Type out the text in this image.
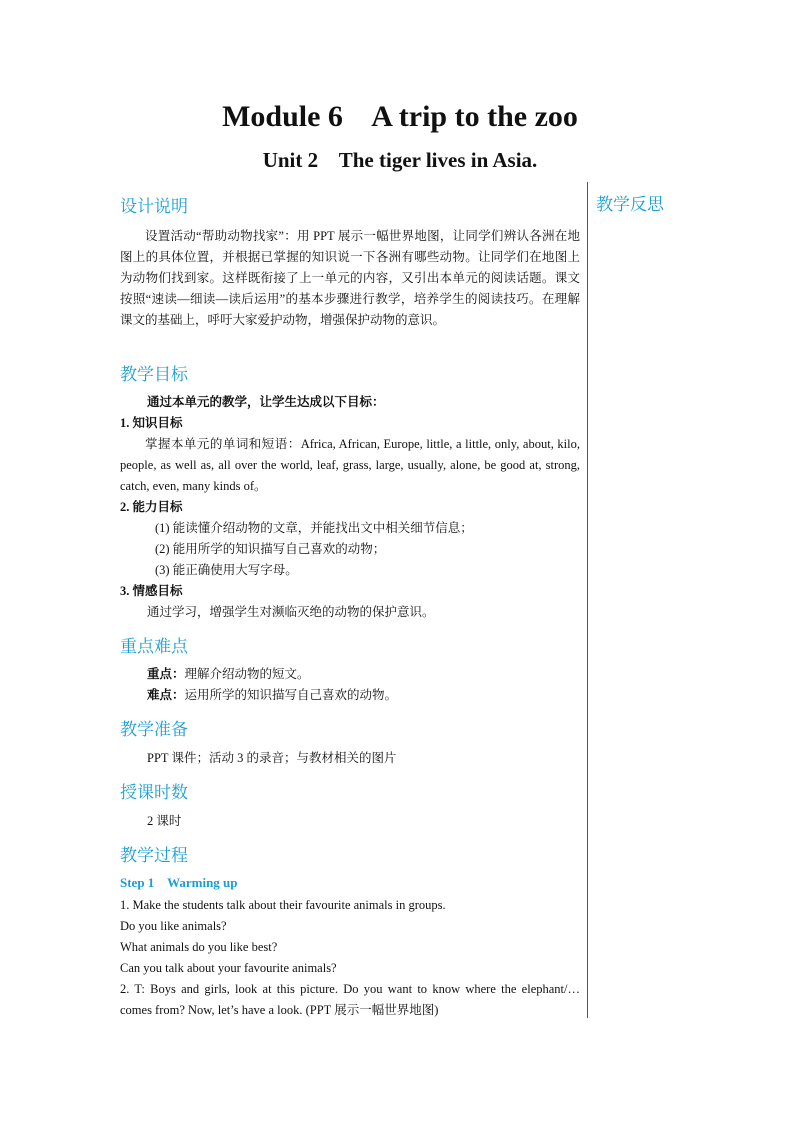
Module 6    A trip to the zoo
Unit 2    The tiger lives in Asia.
教学反思
设计说明
设置活动“帮助动物找家”：用 PPT 展示一幅世界地图，让同学们辨认各洲在地图上的具体位置，并根据已掌握的知识说一下各洲有哪些动物。让同学们在地图上为动物们找到家。这样既衔接了上一单元的内容，又引出本单元的阅读话题。课文按照“速读—细读—读后运用”的基本步骤进行教学，培养学生的阅读技巧。在理解课文的基础上，呼吁大家爱护动物，增强保护动物的意识。
教学目标
通过本单元的教学，让学生达成以下目标：
1. 知识目标
掌握本单元的单词和短语：Africa, African, Europe, little, a little, only, about, kilo, people, as well as, all over the world, leaf, grass, large, usually, alone, be good at, strong, catch, even, many kinds of。
2. 能力目标
(1) 能读懂介绍动物的文章，并能找出文中相关细节信息；
(2) 能用所学的知识描写自己喜欢的动物；
(3) 能正确使用大写字母。
3. 情感目标
通过学习，增强学生对濒临灭绝的动物的保护意识。
重点难点
重点：理解介绍动物的短文。
难点：运用所学的知识描写自己喜欢的动物。
教学准备
PPT 课件；活动 3 的录音；与教材相关的图片
授课时数
2 课时
教学过程
Step 1    Warming up
1. Make the students talk about their favourite animals in groups.
Do you like animals?
What animals do you like best?
Can you talk about your favourite animals?
2. T: Boys and girls, look at this picture. Do you want to know where the elephant/… comes from? Now, let’s have a look. (PPT 展示一幅世界地图)
